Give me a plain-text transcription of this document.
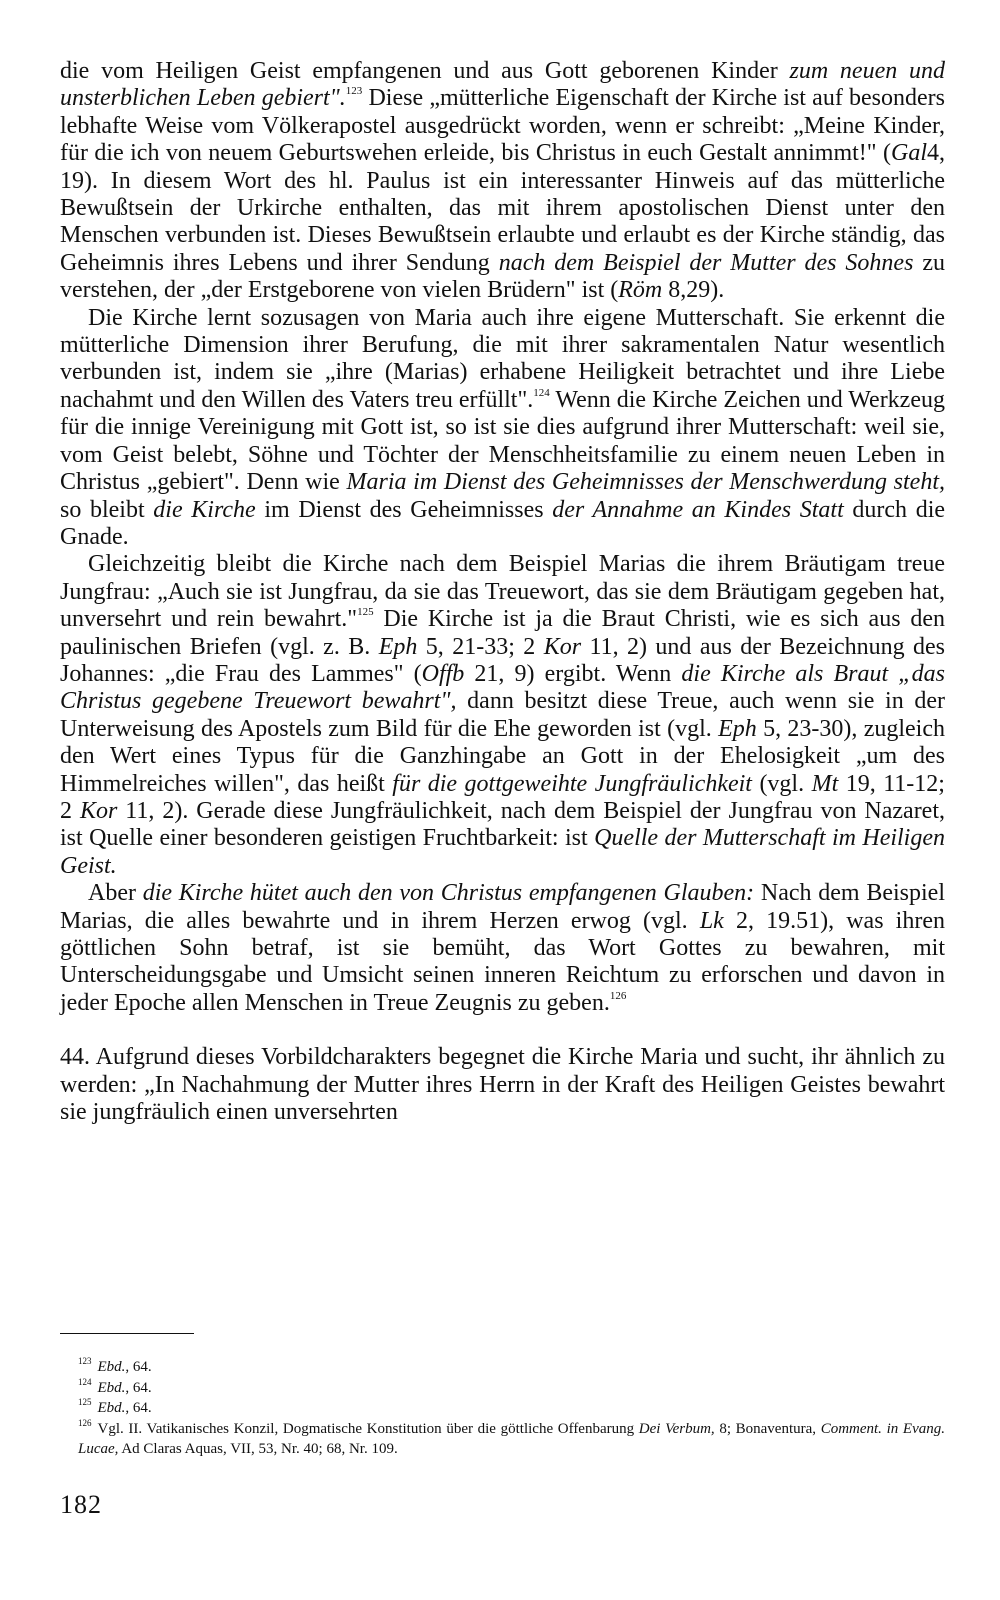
die vom Heiligen Geist empfangenen und aus Gott geborenen Kinder zum neuen und unsterblichen Leben gebiert".$^{123}$ Diese „mütterliche Eigenschaft der Kirche ist auf besonders lebhafte Weise vom Völkerapostel ausgedrückt worden, wenn er schreibt: „Meine Kinder, für die ich von neuem Geburtswehen erleide, bis Christus in euch Gestalt annimmt!" (Gal4, 19). In diesem Wort des hl. Paulus ist ein interessanter Hinweis auf das mütterliche Bewußtsein der Urkirche enthalten, das mit ihrem apostolischen Dienst unter den Menschen verbunden ist. Dieses Bewußtsein erlaubte und erlaubt es der Kirche ständig, das Geheimnis ihres Lebens und ihrer Sendung nach dem Beispiel der Mutter des Sohnes zu verstehen, der „der Erstgeborene von vielen Brüdern" ist (Röm 8,29).

Die Kirche lernt sozusagen von Maria auch ihre eigene Mutterschaft. Sie erkennt die mütterliche Dimension ihrer Berufung, die mit ihrer sakramentalen Natur wesentlich verbunden ist, indem sie „ihre (Marias) erhabene Heiligkeit betrachtet und ihre Liebe nachahmt und den Willen des Vaters treu erfüllt".$^{124}$ Wenn die Kirche Zeichen und Werkzeug für die innige Vereinigung mit Gott ist, so ist sie dies aufgrund ihrer Mutterschaft: weil sie, vom Geist belebt, Söhne und Töchter der Menschheitsfamilie zu einem neuen Leben in Christus „gebiert". Denn wie Maria im Dienst des Geheimnisses der Menschwerdung steht, so bleibt die Kirche im Dienst des Geheimnisses der Annahme an Kindes Statt durch die Gnade.

Gleichzeitig bleibt die Kirche nach dem Beispiel Marias die ihrem Bräutigam treue Jungfrau: „Auch sie ist Jungfrau, da sie das Treuewort, das sie dem Bräutigam gegeben hat, unversehrt und rein bewahrt."$^{125}$ Die Kirche ist ja die Braut Christi, wie es sich aus den paulinischen Briefen (vgl. z. B. Eph 5, 21-33; 2 Kor 11, 2) und aus der Bezeichnung des Johannes: „die Frau des Lammes" (Offb 21, 9) ergibt. Wenn die Kirche als Braut „das Christus gegebene Treuewort bewahrt", dann besitzt diese Treue, auch wenn sie in der Unterweisung des Apostels zum Bild für die Ehe geworden ist (vgl. Eph 5, 23-30), zugleich den Wert eines Typus für die Ganzhingabe an Gott in der Ehelosigkeit „um des Himmelreiches willen", das heißt für die gottgeweihte Jungfräulichkeit (vgl. Mt 19, 11-12; 2 Kor 11, 2). Gerade diese Jungfräulichkeit, nach dem Beispiel der Jungfrau von Nazaret, ist Quelle einer besonderen geistigen Fruchtbarkeit: ist Quelle der Mutterschaft im Heiligen Geist.

Aber die Kirche hütet auch den von Christus empfangenen Glauben: Nach dem Beispiel Marias, die alles bewahrte und in ihrem Herzen erwog (vgl. Lk 2, 19.51), was ihren göttlichen Sohn betraf, ist sie bemüht, das Wort Gottes zu bewahren, mit Unterscheidungsgabe und Umsicht seinen inneren Reichtum zu erforschen und davon in jeder Epoche allen Menschen in Treue Zeugnis zu geben.$^{126}$

44. Aufgrund dieses Vorbildcharakters begegnet die Kirche Maria und sucht, ihr ähnlich zu werden: „In Nachahmung der Mutter ihres Herrn in der Kraft des Heiligen Geistes bewahrt sie jungfräulich einen unversehrten

$^{123}$ Ebd., 64.

$^{124}$ Ebd., 64.

$^{125}$ Ebd., 64.

$^{126}$ Vgl. II. Vatikanisches Konzil, Dogmatische Konstitution über die göttliche Offenbarung Dei Verbum, 8; Bonaventura, Comment. in Evang. Lucae, Ad Claras Aquas, VII, 53, Nr. 40; 68, Nr. 109.

182
